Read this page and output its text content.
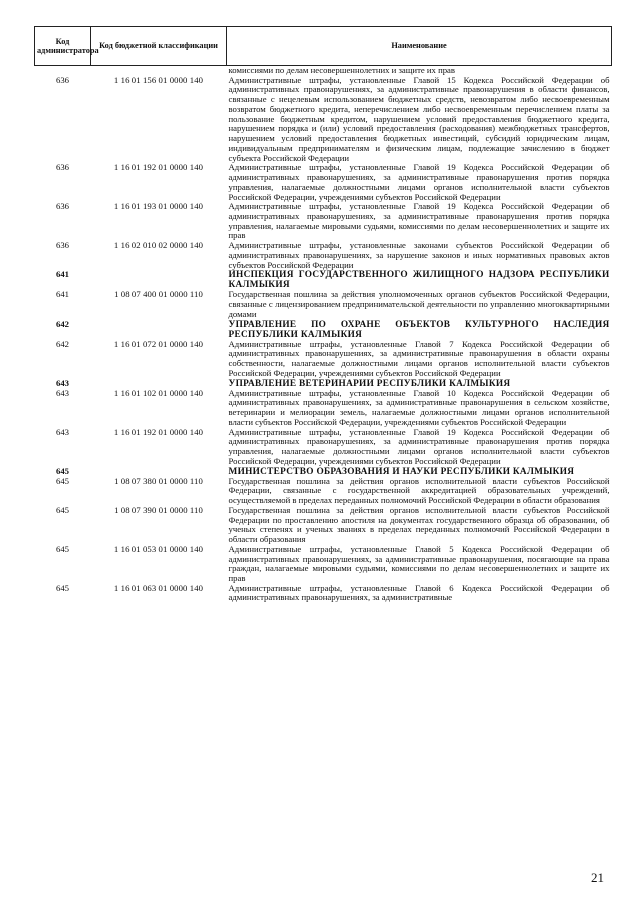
Код администратора	Код бюджетной классификации	Наименование
		комиссиями по делам несовершеннолетних и защите их прав
636	1 16 01 156 01 0000 140	Административные штрафы, установленные Главой 15 Кодекса Российской Федерации об административных правонарушениях, за административные правонарушения в области финансов, связанные с нецелевым использованием бюджетных средств, невозвратом либо несвоевременным возвратом бюджетного кредита, неперечислением либо несвоевременным перечислением платы за пользование бюджетным кредитом, нарушением условий предоставления бюджетного кредита, нарушением порядка и (или) условий предоставления (расходования) межбюджетных трансфертов, нарушением условий предоставления бюджетных инвестиций, субсидий юридическим лицам, индивидуальным предпринимателям и физическим лицам, подлежащие зачислению в бюджет субъекта Российской Федерации
636	1 16 01 192 01 0000 140	Административные штрафы, установленные Главой 19 Кодекса Российской Федерации об административных правонарушениях, за административные правонарушения против порядка управления, налагаемые должностными лицами органов исполнительной власти субъектов Российской Федерации, учреждениями субъектов Российской Федерации
636	1 16 01 193 01 0000 140	Административные штрафы, установленные Главой 19 Кодекса Российской Федерации об административных правонарушениях, за административные правонарушения против порядка управления, налагаемые мировыми судьями, комиссиями по делам несовершеннолетних и защите их прав
636	1 16 02 010 02 0000 140	Административные штрафы, установленные законами субъектов Российской Федерации об административных правонарушениях, за нарушение законов и иных нормативных правовых актов субъектов Российской Федерации
641		ИНСПЕКЦИЯ ГОСУДАРСТВЕННОГО ЖИЛИЩНОГО НАДЗОРА РЕСПУБЛИКИ КАЛМЫКИЯ
641	1 08 07 400 01 0000 110	Государственная пошлина за действия уполномоченных органов субъектов Российской Федерации, связанные с лицензированием предпринимательской деятельности по управлению многоквартирными домами
642		УПРАВЛЕНИЕ ПО ОХРАНЕ ОБЪЕКТОВ КУЛЬТУРНОГО НАСЛЕДИЯ РЕСПУБЛИКИ КАЛМЫКИЯ
642	1 16 01 072 01 0000 140	Административные штрафы, установленные Главой 7 Кодекса Российской Федерации об административных правонарушениях, за административные правонарушения в области охраны собственности, налагаемые должностными лицами органов исполнительной власти субъектов Российской Федерации, учреждениями субъектов Российской Федерации
643		УПРАВЛЕНИЕ ВЕТЕРИНАРИИ РЕСПУБЛИКИ КАЛМЫКИЯ
643	1 16 01 102 01 0000 140	Административные штрафы, установленные Главой 10 Кодекса Российской Федерации об административных правонарушениях, за административные правонарушения в сельском хозяйстве, ветеринарии и мелиорации земель, налагаемые должностными лицами органов исполнительной власти субъектов Российской Федерации, учреждениями субъектов Российской Федерации
643	1 16 01 192 01 0000 140	Административные штрафы, установленные Главой 19 Кодекса Российской Федерации об административных правонарушениях, за административные правонарушения против порядка управления, налагаемые должностными лицами органов исполнительной власти субъектов Российской Федерации, учреждениями субъектов Российской Федерации
645		МИНИСТЕРСТВО ОБРАЗОВАНИЯ И НАУКИ РЕСПУБЛИКИ КАЛМЫКИЯ
645	1 08 07 380 01 0000 110	Государственная пошлина за действия органов исполнительной власти субъектов Российской Федерации, связанные с государственной аккредитацией образовательных учреждений, осуществляемой в пределах переданных полномочий Российской Федерации в области образования
645	1 08 07 390 01 0000 110	Государственная пошлина за действия органов исполнительной власти субъектов Российской Федерации по проставлению апостиля на документах государственного образца об образовании, об ученых степенях и ученых званиях в пределах переданных полномочий Российской Федерации в области образования
645	1 16 01 053 01 0000 140	Административные штрафы, установленные Главой 5 Кодекса Российской Федерации об административных правонарушениях, за административные правонарушения, посягающие на права граждан, налагаемые мировыми судьями, комиссиями по делам несовершеннолетних и защите их прав
645	1 16 01 063 01 0000 140	Административные штрафы, установленные Главой 6 Кодекса Российской Федерации об административных правонарушениях, за административные
21
